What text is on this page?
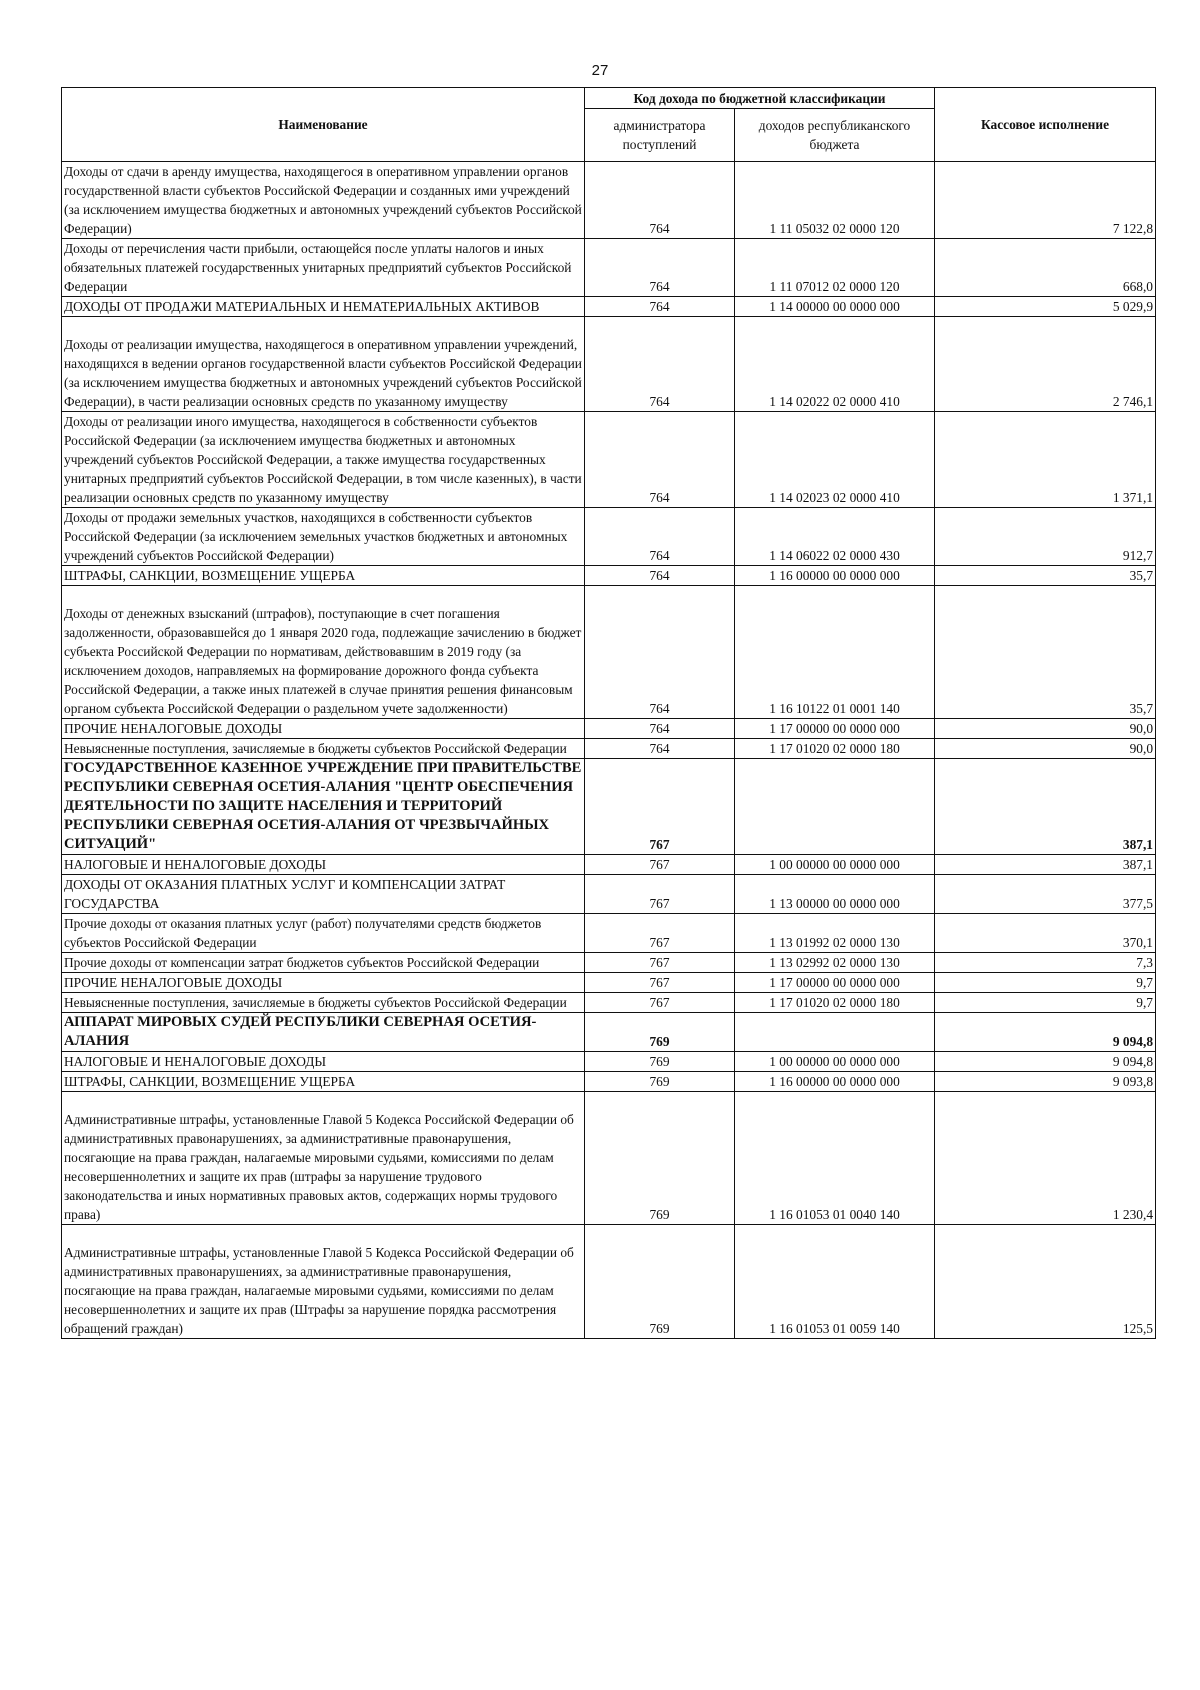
27
Наименование	Код дохода по бюджетной классификации		Кассовое исполнение
	администратора поступлений	доходов республиканского бюджета	
Доходы от сдачи в аренду имущества, находящегося в оперативном управлении органов государственной власти субъектов Российской Федерации и созданных ими учреждений (за исключением имущества бюджетных и автономных учреждений субъектов Российской Федерации)	764	1 11 05032 02 0000 120	7 122,8
Доходы от перечисления части прибыли, остающейся после уплаты налогов и иных обязательных платежей государственных унитарных предприятий субъектов Российской Федерации	764	1 11 07012 02 0000 120	668,0
ДОХОДЫ ОТ ПРОДАЖИ МАТЕРИАЛЬНЫХ И НЕМАТЕРИАЛЬНЫХ АКТИВОВ	764	1 14 00000 00 0000 000	5 029,9
Доходы от реализации имущества, находящегося в оперативном управлении учреждений, находящихся в ведении органов государственной власти субъектов Российской Федерации (за исключением имущества бюджетных и автономных учреждений субъектов Российской Федерации), в части реализации основных средств по указанному имуществу	764	1 14 02022 02 0000 410	2 746,1
Доходы от реализации иного имущества, находящегося в собственности субъектов Российской Федерации (за исключением имущества бюджетных и автономных учреждений субъектов Российской Федерации, а также имущества государственных унитарных предприятий субъектов Российской Федерации, в том числе казенных), в части реализации основных средств по указанному имуществу	764	1 14 02023 02 0000 410	1 371,1
Доходы от продажи земельных участков, находящихся в собственности субъектов Российской Федерации (за исключением земельных участков бюджетных и автономных учреждений субъектов Российской Федерации)	764	1 14 06022 02 0000 430	912,7
ШТРАФЫ, САНКЦИИ, ВОЗМЕЩЕНИЕ УЩЕРБА	764	1 16 00000 00 0000 000	35,7
Доходы от денежных взысканий (штрафов), поступающие в счет погашения задолженности, образовавшейся до 1 января 2020 года, подлежащие зачислению в бюджет субъекта Российской Федерации по нормативам, действовавшим в 2019 году (за исключением доходов, направляемых на формирование дорожного фонда субъекта Российской Федерации, а также иных платежей в случае принятия решения финансовым органом субъекта Российской Федерации о раздельном учете задолженности)	764	1 16 10122 01 0001 140	35,7
ПРОЧИЕ НЕНАЛОГОВЫЕ ДОХОДЫ	764	1 17 00000 00 0000 000	90,0
Невыясненные поступления, зачисляемые в бюджеты субъектов Российской Федерации	764	1 17 01020 02 0000 180	90,0
ГОСУДАРСТВЕННОЕ КАЗЕННОЕ УЧРЕЖДЕНИЕ ПРИ ПРАВИТЕЛЬСТВЕ РЕСПУБЛИКИ СЕВЕРНАЯ ОСЕТИЯ-АЛАНИЯ "ЦЕНТР ОБЕСПЕЧЕНИЯ ДЕЯТЕЛЬНОСТИ ПО ЗАЩИТЕ НАСЕЛЕНИЯ И ТЕРРИТОРИЙ РЕСПУБЛИКИ СЕВЕРНАЯ ОСЕТИЯ-АЛАНИЯ ОТ ЧРЕЗВЫЧАЙНЫХ СИТУАЦИЙ"	767		387,1
НАЛОГОВЫЕ И НЕНАЛОГОВЫЕ ДОХОДЫ	767	1 00 00000 00 0000 000	387,1
ДОХОДЫ ОТ ОКАЗАНИЯ ПЛАТНЫХ УСЛУГ И КОМПЕНСАЦИИ ЗАТРАТ ГОСУДАРСТВА	767	1 13 00000 00 0000 000	377,5
Прочие доходы от оказания платных услуг (работ) получателями средств бюджетов субъектов Российской Федерации	767	1 13 01992 02 0000 130	370,1
Прочие доходы от компенсации затрат бюджетов субъектов Российской Федерации	767	1 13 02992 02 0000 130	7,3
ПРОЧИЕ НЕНАЛОГОВЫЕ ДОХОДЫ	767	1 17 00000 00 0000 000	9,7
Невыясненные поступления, зачисляемые в бюджеты субъектов Российской Федерации	767	1 17 01020 02 0000 180	9,7
АППАРАТ МИРОВЫХ СУДЕЙ РЕСПУБЛИКИ СЕВЕРНАЯ ОСЕТИЯ-АЛАНИЯ	769		9 094,8
НАЛОГОВЫЕ И НЕНАЛОГОВЫЕ ДОХОДЫ	769	1 00 00000 00 0000 000	9 094,8
ШТРАФЫ, САНКЦИИ, ВОЗМЕЩЕНИЕ УЩЕРБА	769	1 16 00000 00 0000 000	9 093,8
Административные штрафы, установленные Главой 5 Кодекса Российской Федерации об административных правонарушениях, за административные правонарушения, посягающие на права граждан, налагаемые мировыми судьями, комиссиями по делам несовершеннолетних и защите их прав (штрафы за нарушение трудового законодательства и иных нормативных правовых актов, содержащих нормы трудового права)	769	1 16 01053 01 0040 140	1 230,4
Административные штрафы, установленные Главой 5 Кодекса Российской Федерации об административных правонарушениях, за административные правонарушения, посягающие на права граждан, налагаемые мировыми судьями, комиссиями по делам несовершеннолетних и защите их прав (Штрафы за нарушение порядка рассмотрения обращений граждан)	769	1 16 01053 01 0059 140	125,5
